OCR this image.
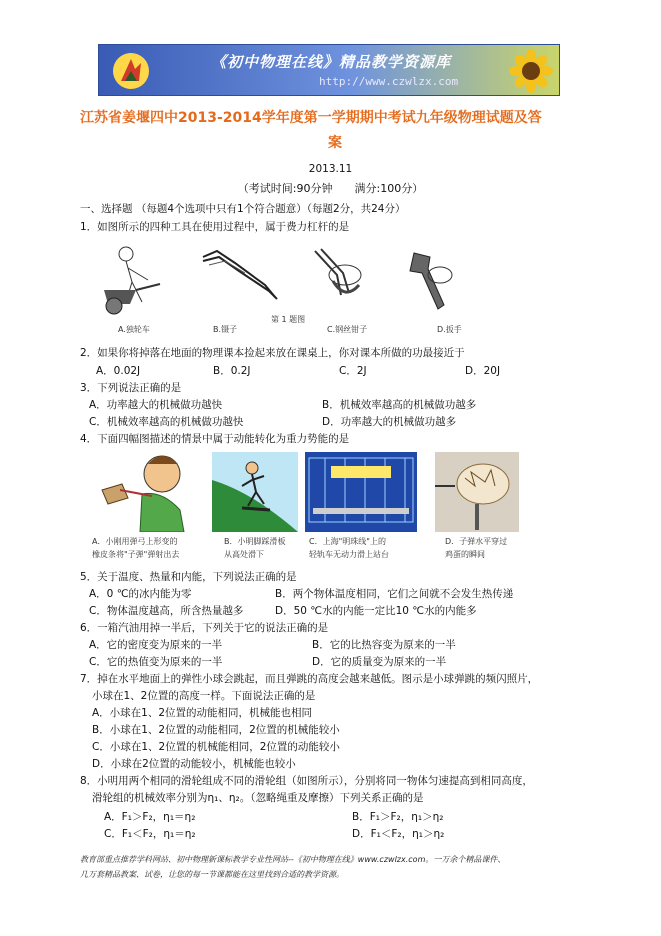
《初中物理在线》精品教学资源库
http://www.czwlzx.com
江苏省姜堰四中2013-2014学年度第一学期期中考试九年级物理试题及答
案
2013.11
（考试时间:90分钟　　满分:100分）
一、选择题 （每题4个选项中只有1个符合题意）（每题2分，共24分）
1．如图所示的四种工具在使用过程中，属于费力杠杆的是
A.独轮车	B.镊子
第 1 题图
C.钢丝钳子	D.扳手
2．如果你将掉落在地面的物理课本捡起来放在课桌上，你对课本所做的功最接近于
A．0.02J	B．0.2J	C．2J	D．20J
3．下列说法正确的是
A．功率越大的机械做功越快	B．机械效率越高的机械做功越多
C．机械效率越高的机械做功越快	D．功率越大的机械做功越多
4．下面四幅图描述的情景中属于动能转化为重力势能的是
A．小刚用弹弓上形变的
橡皮条将"子弹"弹射出去
B．小明脚踩滑板
从高处滑下
C．上海"明珠线"上的
轻轨车无动力滑上站台
D．子弹水平穿过
鸡蛋的瞬间
5．关于温度、热量和内能，下列说法正确的是
A．0 ℃的冰内能为零	B．两个物体温度相同，它们之间就不会发生热传递
C．物体温度越高，所含热量越多	D．50 ℃水的内能一定比10 ℃水的内能多
6．一箱汽油用掉一半后，下列关于它的说法正确的是
A．它的密度变为原来的一半	B．它的比热容变为原来的一半
C．它的热值变为原来的一半	D．它的质量变为原来的一半
7．掉在水平地面上的弹性小球会跳起，而且弹跳的高度会越来越低。图示是小球弹跳的频闪照片，
小球在1、2位置的高度一样。下面说法正确的是
A．小球在1、2位置的动能相同，机械能也相同
B．小球在1、2位置的动能相同，2位置的机械能较小
C．小球在1、2位置的机械能相同，2位置的动能较小
D．小球在2位置的动能较小，机械能也较小
8．小明用两个相同的滑轮组成不同的滑轮组（如图所示），分别将同一物体匀速提高到相同高度，
滑轮组的机械效率分别为η₁、η₂。（忽略绳重及摩擦）下列关系正确的是
A．F₁＞F₂，η₁＝η₂	B．F₁＞F₂，η₁＞η₂
C．F₁＜F₂，η₁＝η₂	D．F₁＜F₂，η₁＞η₂
教育部重点推荐学科网站、初中物理新课标教学专业性网站--《初中物理在线》www.czwlzx.com。一万余个精品课件、
几万套精品教案、试卷，让您的每一节课都能在这里找到合适的教学资源。
